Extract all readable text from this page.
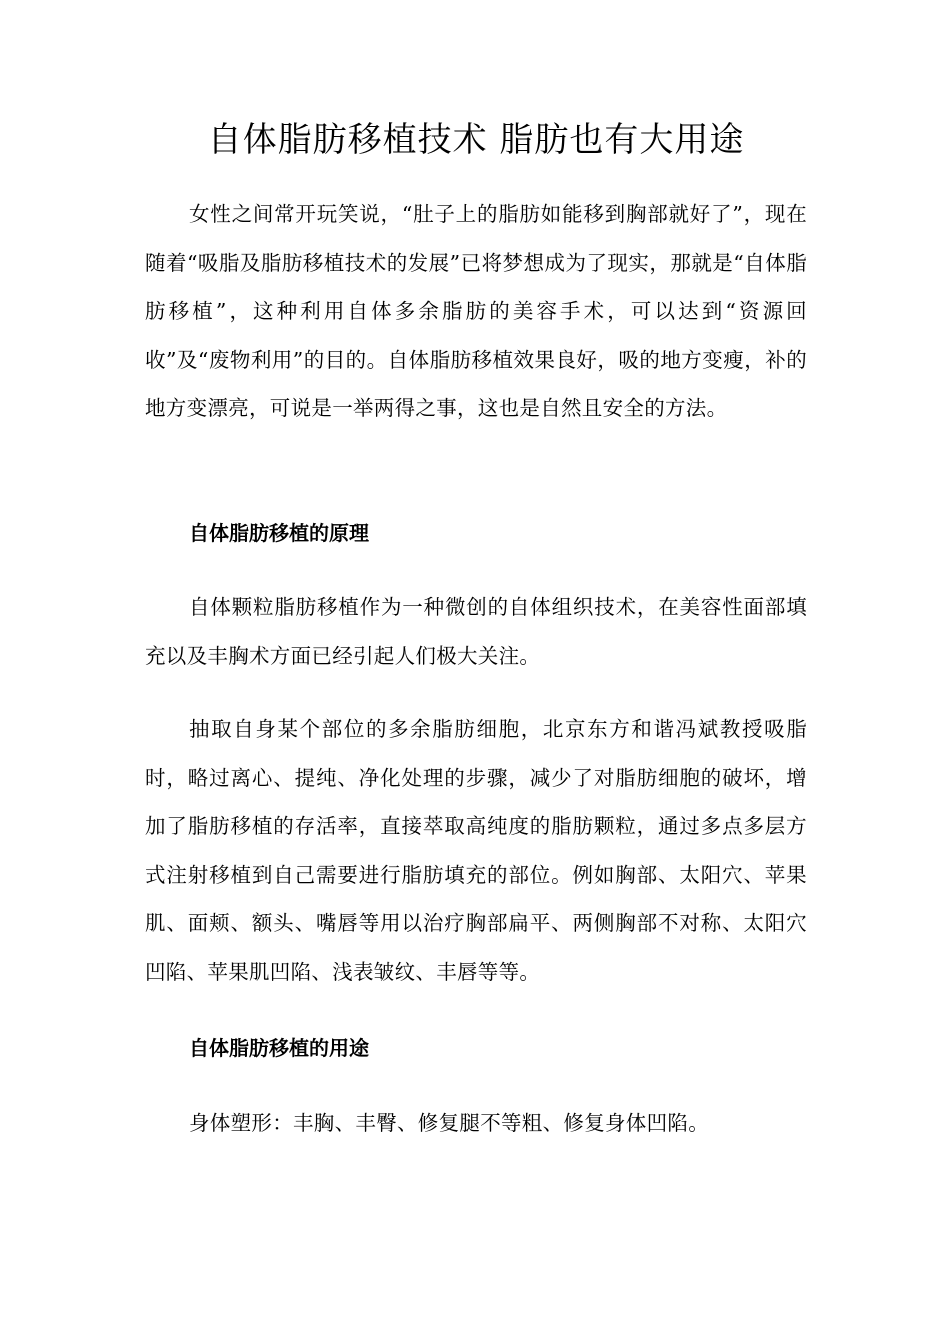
自体脂肪移植技术 脂肪也有大用途

女性之间常开玩笑说，“肚子上的脂肪如能移到胸部就好了”，现在随着“吸脂及脂肪移植技术的发展”已将梦想成为了现实，那就是“自体脂肪移植”，这种利用自体多余脂肪的美容手术，可以达到“资源回收”及“废物利用”的目的。自体脂肪移植效果良好，吸的地方变瘦，补的地方变漂亮，可说是一举两得之事，这也是自然且安全的方法。

自体脂肪移植的原理

自体颗粒脂肪移植作为一种微创的自体组织技术，在美容性面部填充以及丰胸术方面已经引起人们极大关注。

抽取自身某个部位的多余脂肪细胞，北京东方和谐冯斌教授吸脂时，略过离心、提纯、净化处理的步骤，减少了对脂肪细胞的破坏，增加了脂肪移植的存活率，直接萃取高纯度的脂肪颗粒，通过多点多层方式注射移植到自己需要进行脂肪填充的部位。例如胸部、太阳穴、苹果肌、面颊、额头、嘴唇等用以治疗胸部扁平、两侧胸部不对称、太阳穴凹陷、苹果肌凹陷、浅表皱纹、丰唇等等。

自体脂肪移植的用途

身体塑形：丰胸、丰臀、修复腿不等粗、修复身体凹陷。
